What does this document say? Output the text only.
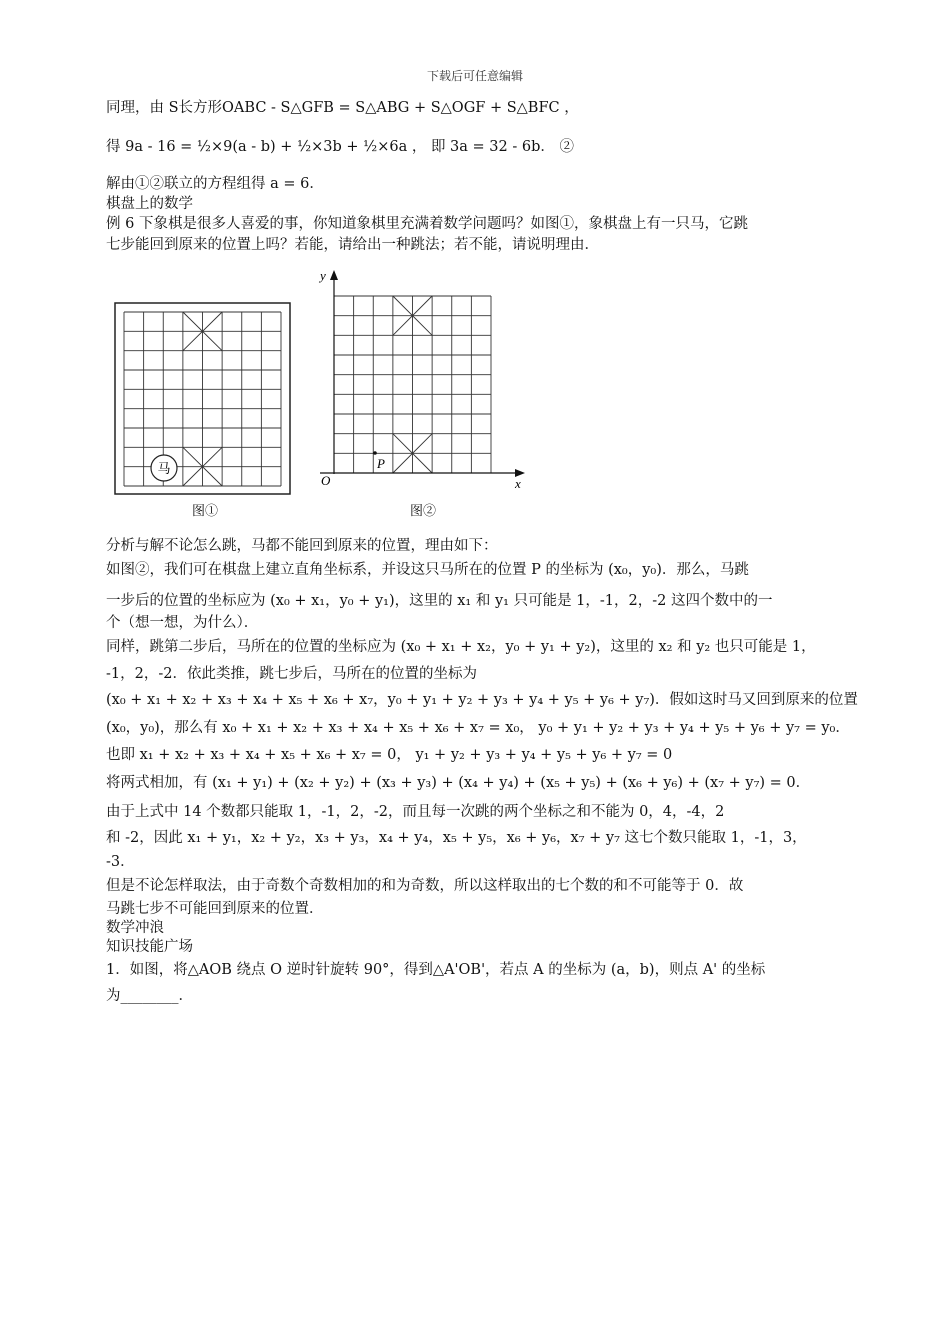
下载后可任意编辑
同理，由 S长方形OABC - S△GFB = S△ABG + S△OGF + S△BFC ，
得 9a - 16 = ½×9(a - b) + ½×3b + ½×6a ， 即 3a = 32 - 6b． ②
解由①②联立的方程组得 a = 6．
棋盘上的数学
例 6 下象棋是很多人喜爱的事，你知道象棋里充满着数学问题吗？如图①，象棋盘上有一只马，它跳
七步能回到原来的位置上吗？若能，请给出一种跳法；若不能，请说明理由．
马
图①
y
x
O
P
图②
分析与解不论怎么跳，马都不能回到原来的位置，理由如下：
如图②，我们可在棋盘上建立直角坐标系，并设这只马所在的位置 P 的坐标为 (x₀，y₀)．那么，马跳
一步后的位置的坐标应为 (x₀ + x₁，y₀ + y₁)，这里的 x₁ 和 y₁ 只可能是 1，-1，2，-2 这四个数中的一
个（想一想，为什么）．
同样，跳第二步后，马所在的位置的坐标应为 (x₀ + x₁ + x₂，y₀ + y₁ + y₂)，这里的 x₂ 和 y₂ 也只可能是 1，
-1，2，-2．依此类推，跳七步后，马所在的位置的坐标为
(x₀ + x₁ + x₂ + x₃ + x₄ + x₅ + x₆ + x₇，y₀ + y₁ + y₂ + y₃ + y₄ + y₅ + y₆ + y₇)．假如这时马又回到原来的位置
(x₀，y₀)，那么有 x₀ + x₁ + x₂ + x₃ + x₄ + x₅ + x₆ + x₇ = x₀， y₀ + y₁ + y₂ + y₃ + y₄ + y₅ + y₆ + y₇ = y₀．
也即 x₁ + x₂ + x₃ + x₄ + x₅ + x₆ + x₇ = 0， y₁ + y₂ + y₃ + y₄ + y₅ + y₆ + y₇ = 0
将两式相加，有 (x₁ + y₁) + (x₂ + y₂) + (x₃ + y₃) + (x₄ + y₄) + (x₅ + y₅) + (x₆ + y₆) + (x₇ + y₇) = 0．
由于上式中 14 个数都只能取 1，-1，2，-2，而且每一次跳的两个坐标之和不能为 0，4，-4，2
和 -2，因此 x₁ + y₁，x₂ + y₂，x₃ + y₃，x₄ + y₄，x₅ + y₅，x₆ + y₆，x₇ + y₇ 这七个数只能取 1，-1，3，
-3．
但是不论怎样取法，由于奇数个奇数相加的和为奇数，所以这样取出的七个数的和不可能等于 0．故
马跳七步不可能回到原来的位置．
数学冲浪
知识技能广场
1．如图，将△AOB 绕点 O 逆时针旋转 90°，得到△A'OB'，若点 A 的坐标为 (a，b)，则点 A' 的坐标
为________．
